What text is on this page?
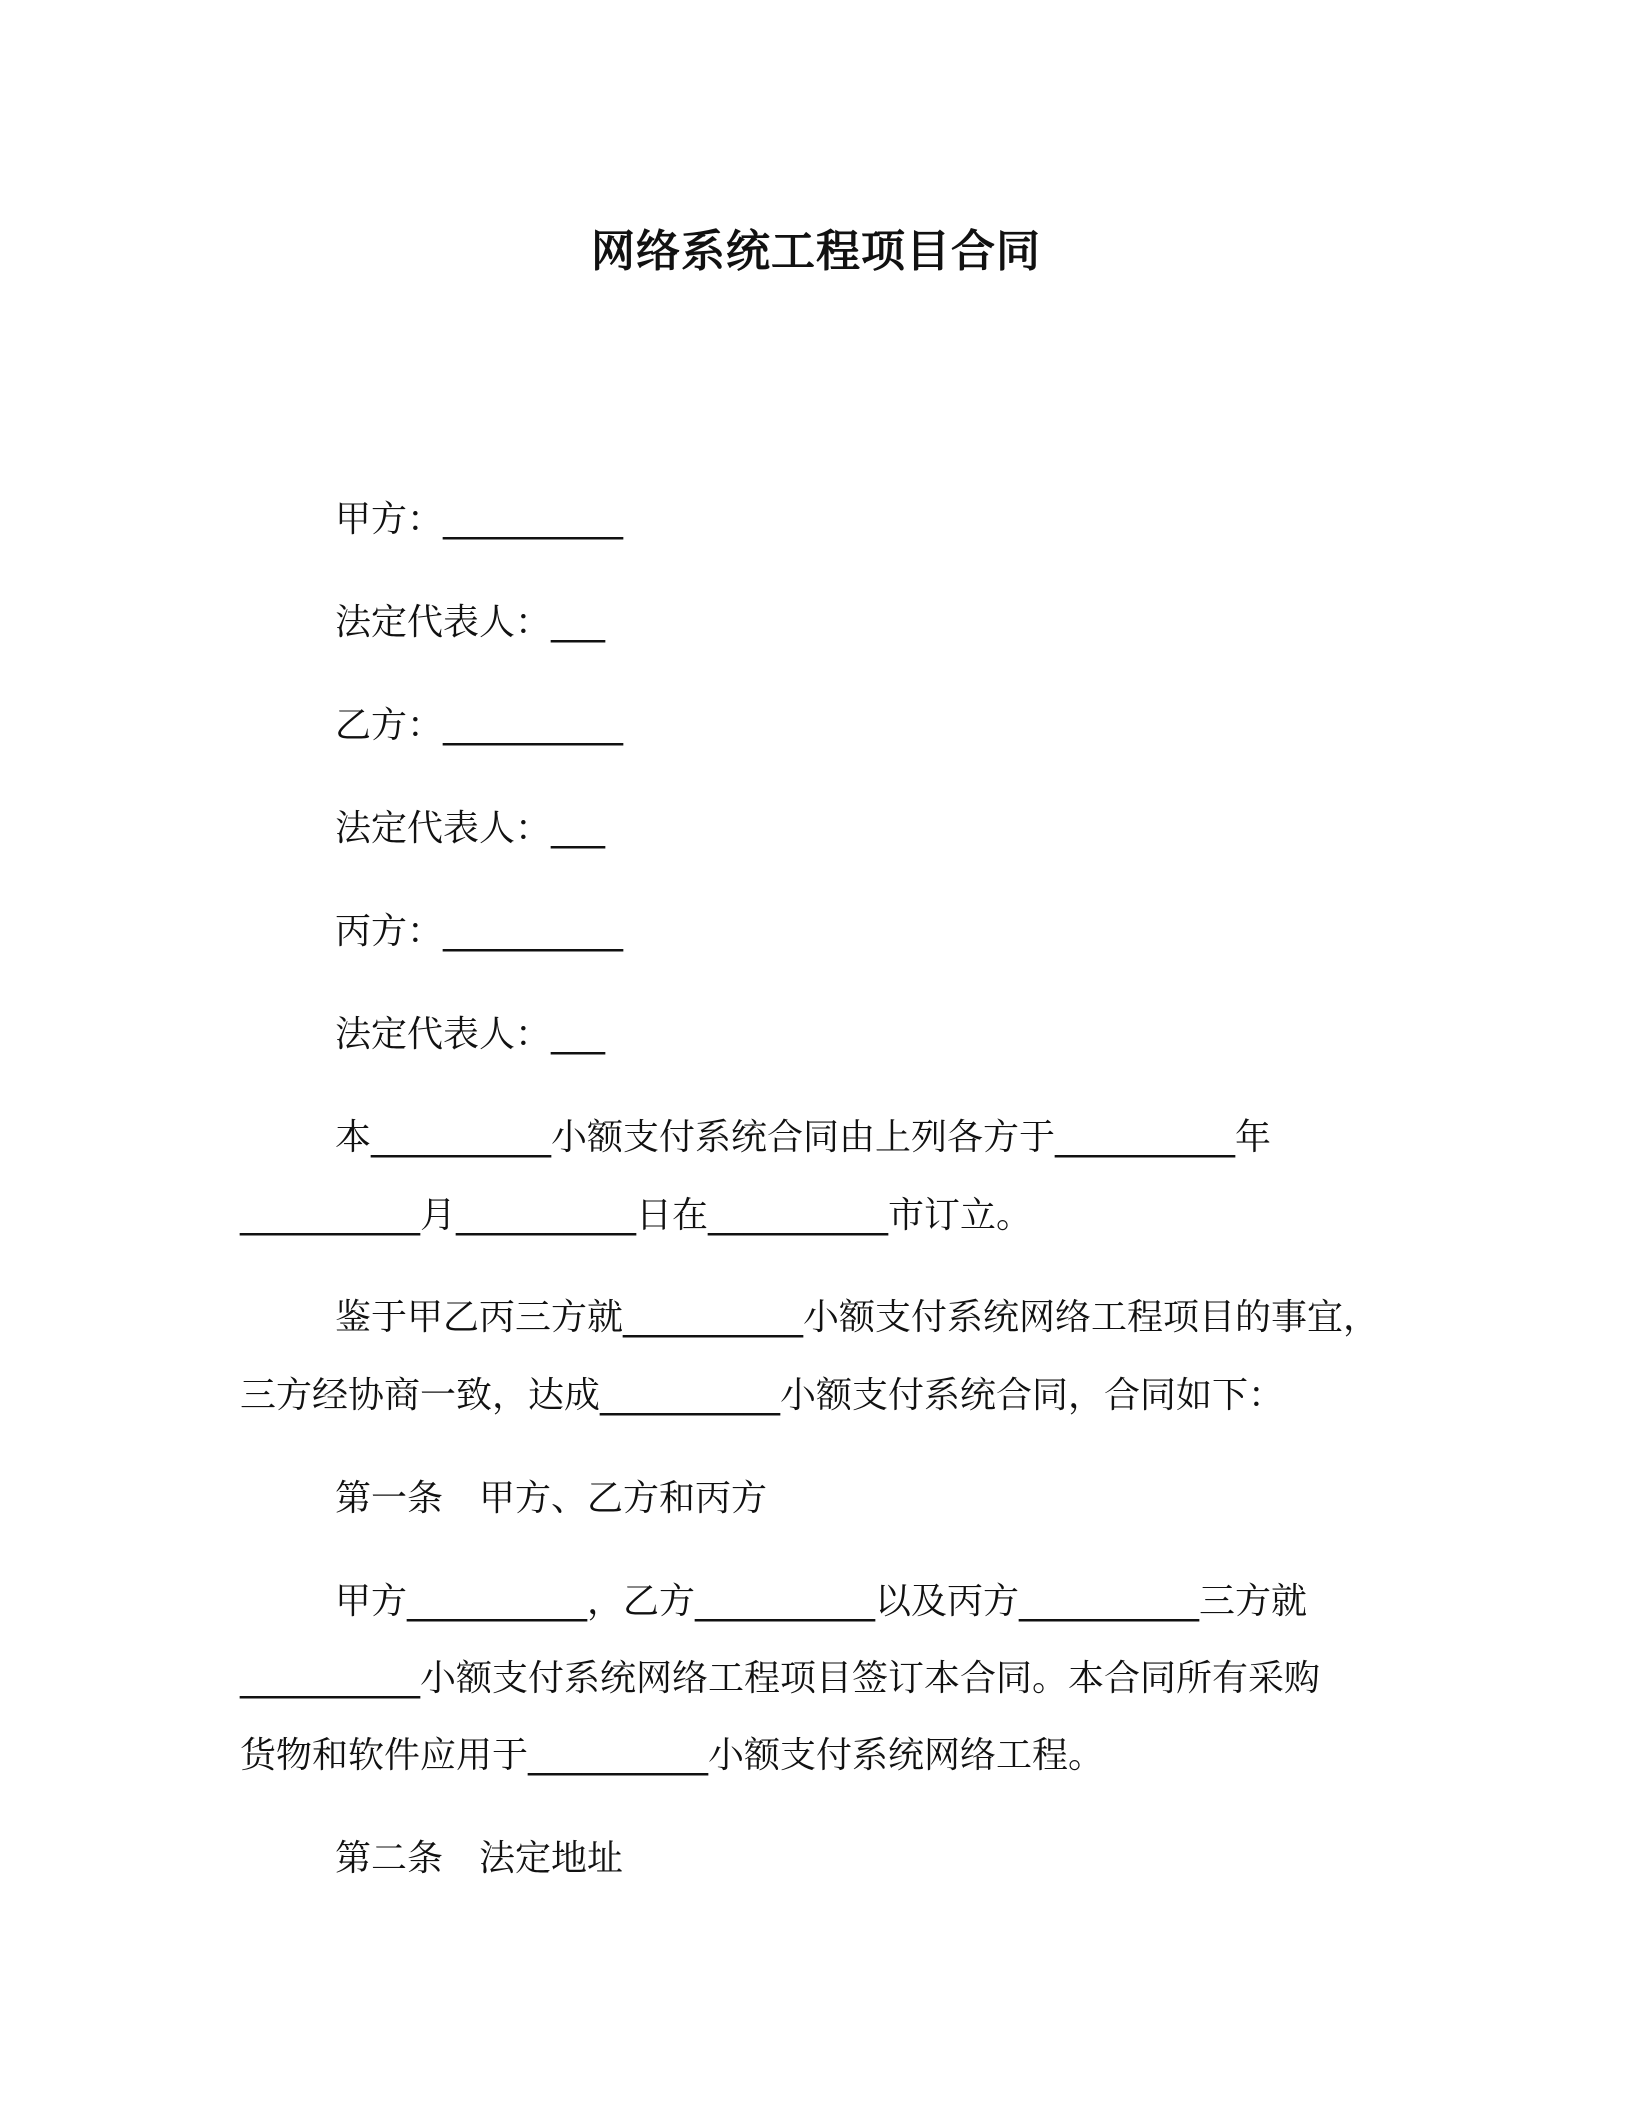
网络系统工程项目合同
甲方：__________
法定代表人：___
乙方：__________
法定代表人：___
丙方：__________
法定代表人：___
本__________小额支付系统合同由上列各方于__________年
__________月__________日在__________市订立。
鉴于甲乙丙三方就__________小额支付系统网络工程项目的事宜，
三方经协商一致，达成__________小额支付系统合同，合同如下：
第一条　甲方、乙方和丙方
甲方__________，乙方__________以及丙方__________三方就
__________小额支付系统网络工程项目签订本合同。本合同所有采购
货物和软件应用于__________小额支付系统网络工程。
第二条　法定地址
